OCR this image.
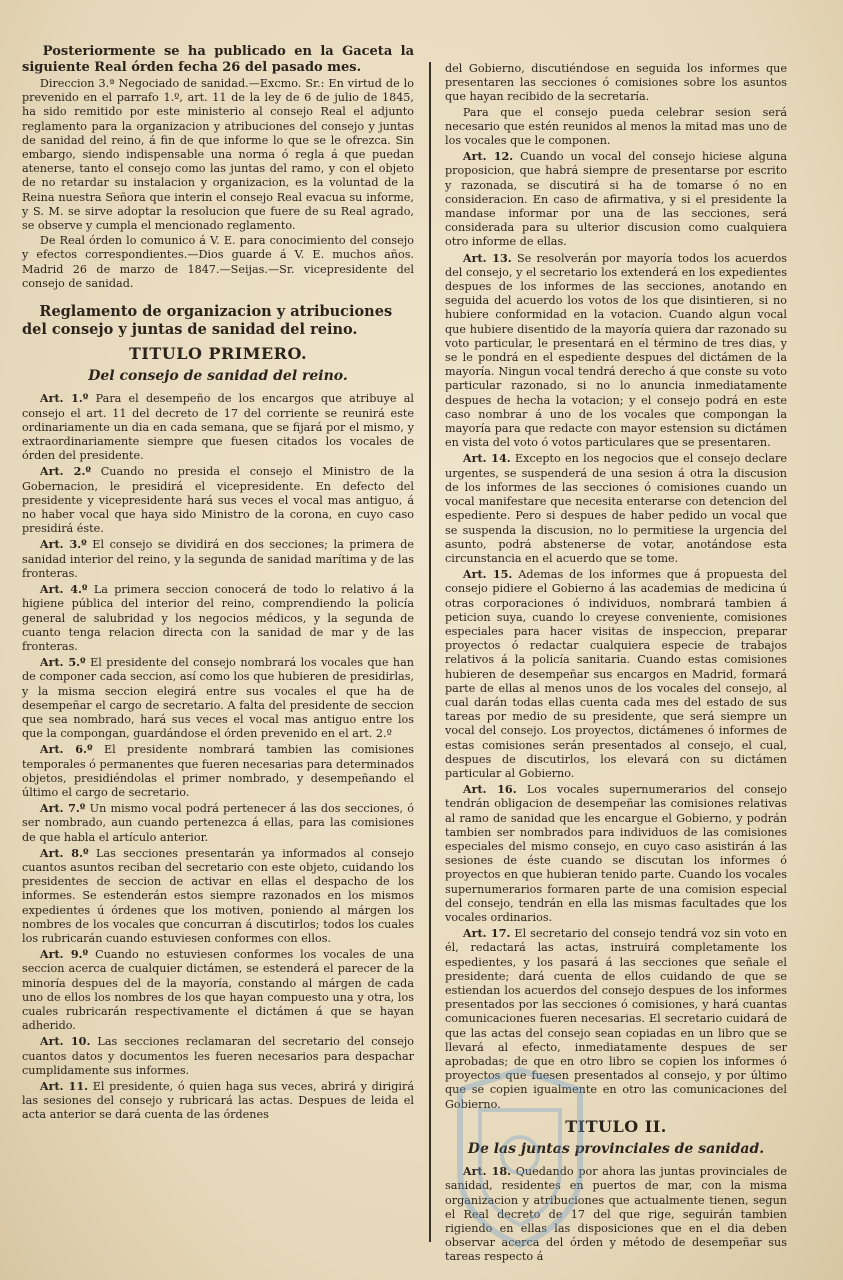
Posteriormente se ha publicado en la Gaceta la siguiente Real órden fecha 26 del pasado mes.

Direccion 3.ª Negociado de sanidad.—Excmo. Sr.: En virtud de lo prevenido en el parrafo 1.º, art. 11 de la ley de 6 de julio de 1845, ha sido remitido por este ministerio al consejo Real el adjunto reglamento para la organizacion y atribuciones del consejo y juntas de sanidad del reino, á fin de que informe lo que se le ofrezca. Sin embargo, siendo indispensable una norma ó regla á que puedan atenerse, tanto el consejo como las juntas del ramo, y con el objeto de no retardar su instalacion y organizacion, es la voluntad de la Reina nuestra Señora que interin el consejo Real evacua su informe, y S. M. se sirve adoptar la resolucion que fuere de su Real agrado, se observe y cumpla el mencionado reglamento.

De Real órden lo comunico á V. E. para conocimiento del consejo y efectos correspondientes.—Dios guarde á V. E. muchos años. Madrid 26 de marzo de 1847.—Seijas.—Sr. vicepresidente del consejo de sanidad.

Reglamento de organizacion y atribuciones del consejo y juntas de sanidad del reino.
TITULO PRIMERO.
Del consejo de sanidad del reino.

Art. 1.º Para el desempeño de los encargos que atribuye al consejo el art. 11 del decreto de 17 del corriente se reunirá este ordinariamente un dia en cada semana, que se fijará por el mismo, y extraordinariamente siempre que fuesen citados los vocales de órden del presidente.

Art. 2.º Cuando no presida el consejo el Ministro de la Gobernacion, le presidirá el vicepresidente. En defecto del presidente y vicepresidente hará sus veces el vocal mas antiguo, á no haber vocal que haya sido Ministro de la corona, en cuyo caso presidirá éste.

Art. 3.º El consejo se dividirá en dos secciones; la primera de sanidad interior del reino, y la segunda de sanidad marítima y de las fronteras.

Art. 4.º La primera seccion conocerá de todo lo relativo á la higiene pública del interior del reino, comprendiendo la policía general de salubridad y los negocios médicos, y la segunda de cuanto tenga relacion directa con la sanidad de mar y de las fronteras.

Art. 5.º El presidente del consejo nombrará los vocales que han de componer cada seccion, así como los que hubieren de presidirlas, y la misma seccion elegirá entre sus vocales el que ha de desempeñar el cargo de secretario. A falta del presidente de seccion que sea nombrado, hará sus veces el vocal mas antiguo entre los que la compongan, guardándose el órden prevenido en el art. 2.º

Art. 6.º El presidente nombrará tambien las comisiones temporales ó permanentes que fueren necesarias para determinados objetos, presidiéndolas el primer nombrado, y desempeñando el último el cargo de secretario.

Art. 7.º Un mismo vocal podrá pertenecer á las dos secciones, ó ser nombrado, aun cuando pertenezca á ellas, para las comisiones de que habla el artículo anterior.

Art. 8.º Las secciones presentarán ya informados al consejo cuantos asuntos reciban del secretario con este objeto, cuidando los presidentes de seccion de activar en ellas el despacho de los informes. Se estenderán estos siempre razonados en los mismos expedientes ú órdenes que los motiven, poniendo al márgen los nombres de los vocales que concurran á discutirlos; todos los cuales los rubricarán cuando estuviesen conformes con ellos.

Art. 9.º Cuando no estuviesen conformes los vocales de una seccion acerca de cualquier dictámen, se estenderá el parecer de la minoría despues del de la mayoría, constando al márgen de cada uno de ellos los nombres de los que hayan compuesto una y otra, los cuales rubricarán respectivamente el dictámen á que se hayan adherido.

Art. 10. Las secciones reclamaran del secretario del consejo cuantos datos y documentos les fueren necesarios para despachar cumplidamente sus informes.

Art. 11. El presidente, ó quien haga sus veces, abrirá y dirigirá las sesiones del consejo y rubricará las actas. Despues de leida el acta anterior se dará cuenta de las órdenes

del Gobierno, discutiéndose en seguida los informes que presentaren las secciones ó comisiones sobre los asuntos que hayan recibido de la secretaría.

Para que el consejo pueda celebrar sesion será necesario que estén reunidos al menos la mitad mas uno de los vocales que le componen.

Art. 12. Cuando un vocal del consejo hiciese alguna proposicion, que habrá siempre de presentarse por escrito y razonada, se discutirá si ha de tomarse ó no en consideracion. En caso de afirmativa, y si el presidente la mandase informar por una de las secciones, será considerada para su ulterior discusion como cualquiera otro informe de ellas.

Art. 13. Se resolverán por mayoría todos los acuerdos del consejo, y el secretario los extenderá en los expedientes despues de los informes de las secciones, anotando en seguida del acuerdo los votos de los que disintieren, si no hubiere conformidad en la votacion. Cuando algun vocal que hubiere disentido de la mayoría quiera dar razonado su voto particular, le presentará en el término de tres dias, y se le pondrá en el espediente despues del dictámen de la mayoría. Ningun vocal tendrá derecho á que conste su voto particular razonado, si no lo anuncia inmediatamente despues de hecha la votacion; y el consejo podrá en este caso nombrar á uno de los vocales que compongan la mayoría para que redacte con mayor estension su dictámen en vista del voto ó votos particulares que se presentaren.

Art. 14. Excepto en los negocios que el consejo declare urgentes, se suspenderá de una sesion á otra la discusion de los informes de las secciones ó comisiones cuando un vocal manifestare que necesita enterarse con detencion del espediente. Pero si despues de haber pedido un vocal que se suspenda la discusion, no lo permitiese la urgencia del asunto, podrá abstenerse de votar, anotándose esta circunstancia en el acuerdo que se tome.

Art. 15. Ademas de los informes que á propuesta del consejo pidiere el Gobierno á las academias de medicina ú otras corporaciones ó individuos, nombrará tambien á peticion suya, cuando lo creyese conveniente, comisiones especiales para hacer visitas de inspeccion, preparar proyectos ó redactar cualquiera especie de trabajos relativos á la policía sanitaria. Cuando estas comisiones hubieren de desempeñar sus encargos en Madrid, formará parte de ellas al menos unos de los vocales del consejo, al cual darán todas ellas cuenta cada mes del estado de sus tareas por medio de su presidente, que será siempre un vocal del consejo. Los proyectos, dictámenes ó informes de estas comisiones serán presentados al consejo, el cual, despues de discutirlos, los elevará con su dictámen particular al Gobierno.

Art. 16. Los vocales supernumerarios del consejo tendrán obligacion de desempeñar las comisiones relativas al ramo de sanidad que les encargue el Gobierno, y podrán tambien ser nombrados para individuos de las comisiones especiales del mismo consejo, en cuyo caso asistirán á las sesiones de éste cuando se discutan los informes ó proyectos en que hubieran tenido parte. Cuando los vocales supernumerarios formaren parte de una comision especial del consejo, tendrán en ella las mismas facultades que los vocales ordinarios.

Art. 17. El secretario del consejo tendrá voz sin voto en él, redactará las actas, instruirá completamente los espedientes, y los pasará á las secciones que señale el presidente; dará cuenta de ellos cuidando de que se estiendan los acuerdos del consejo despues de los informes presentados por las secciones ó comisiones, y hará cuantas comunicaciones fueren necesarias. El secretario cuidará de que las actas del consejo sean copiadas en un libro que se llevará al efecto, inmediatamente despues de ser aprobadas; de que en otro libro se copien los informes ó proyectos que fuesen presentados al consejo, y por último que se copien igualmente en otro las comunicaciones del Gobierno.

TITULO II.
De las juntas provinciales de sanidad.

Art. 18. Quedando por ahora las juntas provinciales de sanidad, residentes en puertos de mar, con la misma organizacion y atribuciones que actualmente tienen, segun el Real decreto de 17 del que rige, seguirán tambien rigiendo en ellas las disposiciones que en el dia deben observar acerca del órden y método de desempeñar sus tareas respecto á
